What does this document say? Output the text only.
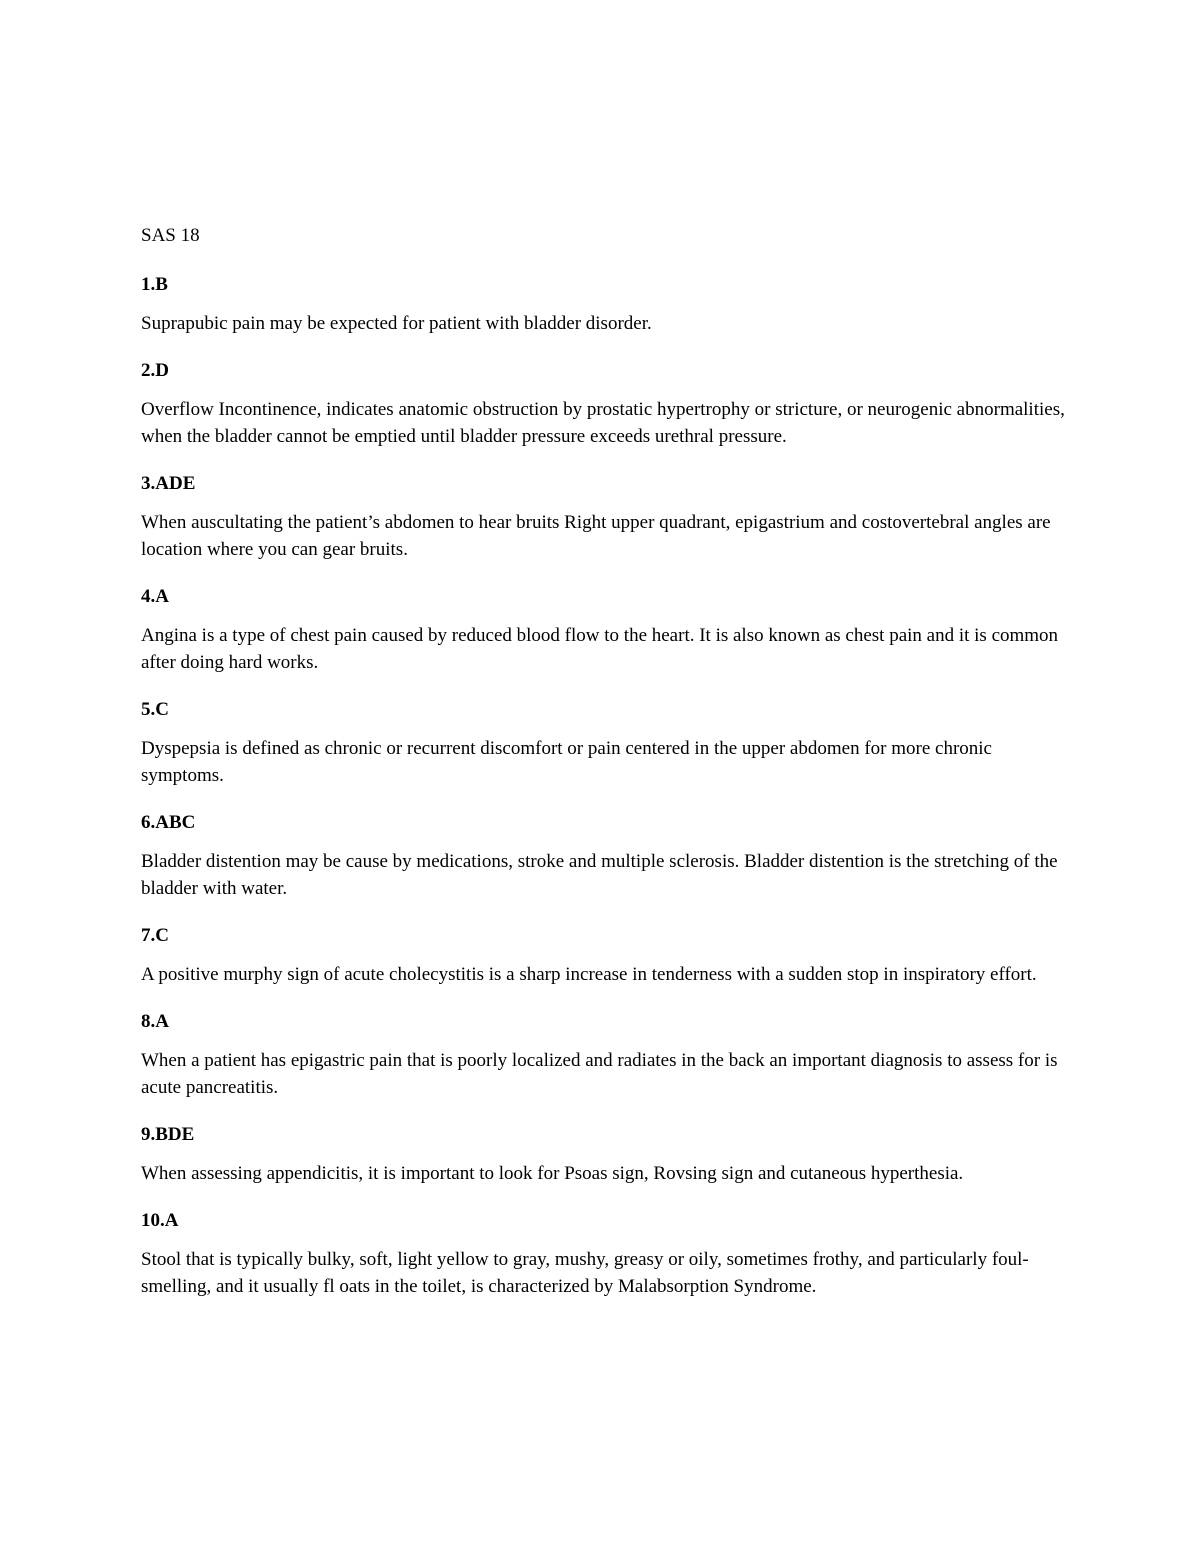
SAS 18

1.B

Suprapubic pain may be expected for patient with bladder disorder.

2.D

Overflow Incontinence, indicates anatomic obstruction by prostatic hypertrophy or stricture, or neurogenic abnormalities, when the bladder cannot be emptied until bladder pressure exceeds urethral pressure.

3.ADE

When auscultating the patient’s abdomen to hear bruits Right upper quadrant, epigastrium and costovertebral angles are location where you can gear bruits.

4.A

Angina is a type of chest pain caused by reduced blood flow to the heart. It is also known as chest pain and it is common after doing hard works.

5.C

Dyspepsia is defined as chronic or recurrent discomfort or pain centered in the upper abdomen for more chronic symptoms.

6.ABC

Bladder distention may be cause by medications, stroke and multiple sclerosis. Bladder distention is the stretching of the bladder with water.

7.C

A positive murphy sign of acute cholecystitis is a sharp increase in tenderness with a sudden stop in inspiratory effort.

8.A

When a patient has epigastric pain that is poorly localized and radiates in the back an important diagnosis to assess for is acute pancreatitis.

9.BDE

When assessing appendicitis, it is important to look for Psoas sign, Rovsing sign and cutaneous hyperthesia.

10.A

Stool that is typically bulky, soft, light yellow to gray, mushy, greasy or oily, sometimes frothy, and particularly foul-smelling, and it usually fl oats in the toilet, is characterized by Malabsorption Syndrome.
